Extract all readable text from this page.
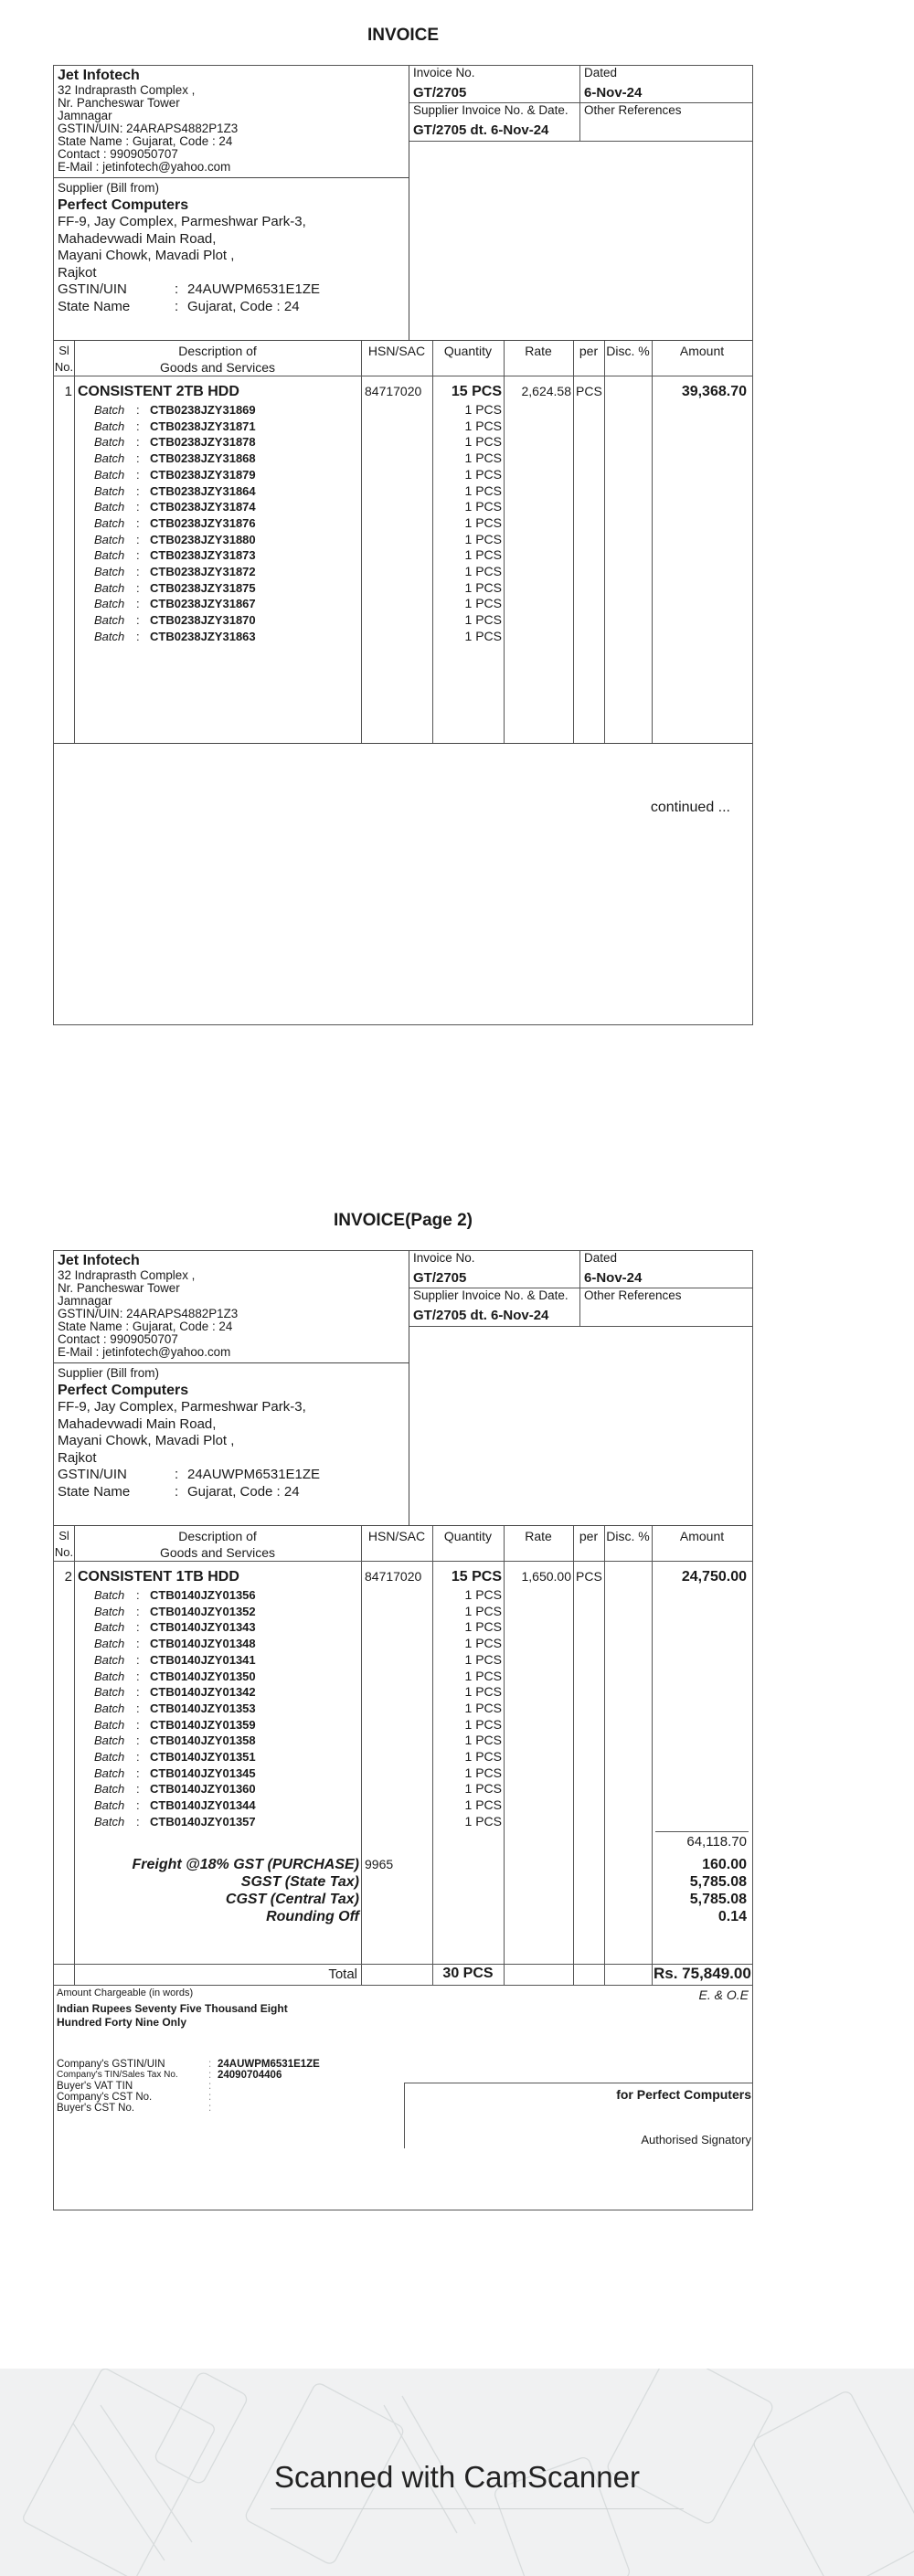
INVOICE
Jet Infotech
32 Indraprasth Complex ,
Nr. Pancheswar Tower
Jamnagar
GSTIN/UIN: 24ARAPS4882P1Z3
State Name : Gujarat, Code : 24
Contact : 9909050707
E-Mail : jetinfotech@yahoo.com
Supplier (Bill from)
Perfect Computers
FF-9, Jay Complex, Parmeshwar Park-3,
Mahadevwadi Main Road,
Mayani Chowk, Mavadi Plot ,
Rajkot
GSTIN/UIN	: 24AUWPM6531E1ZE
State Name	: Gujarat, Code : 24
Invoice No.
GT/2705
Dated
6-Nov-24
Supplier Invoice No. & Date.
GT/2705 dt. 6-Nov-24
Other References
Sl
No.
Description of
Goods and Services
HSN/SAC	Quantity	Rate	per Disc. %	Amount
1 CONSISTENT 2TB HDD	84717020	15 PCS	2,624.58 PCS	39,368.70
Batch : CTB0238JZY31869	1 PCS
Batch : CTB0238JZY31871	1 PCS
Batch : CTB0238JZY31878	1 PCS
Batch : CTB0238JZY31868	1 PCS
Batch : CTB0238JZY31879	1 PCS
Batch : CTB0238JZY31864	1 PCS
Batch : CTB0238JZY31874	1 PCS
Batch : CTB0238JZY31876	1 PCS
Batch : CTB0238JZY31880	1 PCS
Batch : CTB0238JZY31873	1 PCS
Batch : CTB0238JZY31872	1 PCS
Batch : CTB0238JZY31875	1 PCS
Batch : CTB0238JZY31867	1 PCS
Batch : CTB0238JZY31870	1 PCS
Batch : CTB0238JZY31863	1 PCS
continued ...
INVOICE(Page 2)
Jet Infotech
32 Indraprasth Complex ,
Nr. Pancheswar Tower
Jamnagar
GSTIN/UIN: 24ARAPS4882P1Z3
State Name : Gujarat, Code : 24
Contact : 9909050707
E-Mail : jetinfotech@yahoo.com
Supplier (Bill from)
Perfect Computers
FF-9, Jay Complex, Parmeshwar Park-3,
Mahadevwadi Main Road,
Mayani Chowk, Mavadi Plot ,
Rajkot
GSTIN/UIN	: 24AUWPM6531E1ZE
State Name	: Gujarat, Code : 24
Invoice No.
GT/2705
Dated
6-Nov-24
Supplier Invoice No. & Date.
GT/2705 dt. 6-Nov-24
Other References
Sl
No.
Description of
Goods and Services
HSN/SAC	Quantity	Rate	per Disc. %	Amount
2 CONSISTENT 1TB HDD	84717020	15 PCS	1,650.00 PCS	24,750.00
Batch : CTB0140JZY01356	1 PCS
Batch : CTB0140JZY01352	1 PCS
Batch : CTB0140JZY01343	1 PCS
Batch : CTB0140JZY01348	1 PCS
Batch : CTB0140JZY01341	1 PCS
Batch : CTB0140JZY01350	1 PCS
Batch : CTB0140JZY01342	1 PCS
Batch : CTB0140JZY01353	1 PCS
Batch : CTB0140JZY01359	1 PCS
Batch : CTB0140JZY01358	1 PCS
Batch : CTB0140JZY01351	1 PCS
Batch : CTB0140JZY01345	1 PCS
Batch : CTB0140JZY01360	1 PCS
Batch : CTB0140JZY01344	1 PCS
Batch : CTB0140JZY01357	1 PCS
64,118.70
Freight @18% GST (PURCHASE) 9965	160.00
SGST (State Tax)	5,785.08
CGST (Central Tax)	5,785.08
Rounding Off	0.14
Total	30 PCS	Rs. 75,849.00
Amount Chargeable (in words)	E. & O.E
Indian Rupees Seventy Five Thousand Eight
Hundred Forty Nine Only
Company's GSTIN/UIN	: 24AUWPM6531E1ZE
Company's TIN/Sales Tax No.	: 24090704406
Buyer's VAT TIN	:
Company's CST No.	:
Buyer's CST No.	:
for Perfect Computers
Authorised Signatory
Scanned with CamScanner
